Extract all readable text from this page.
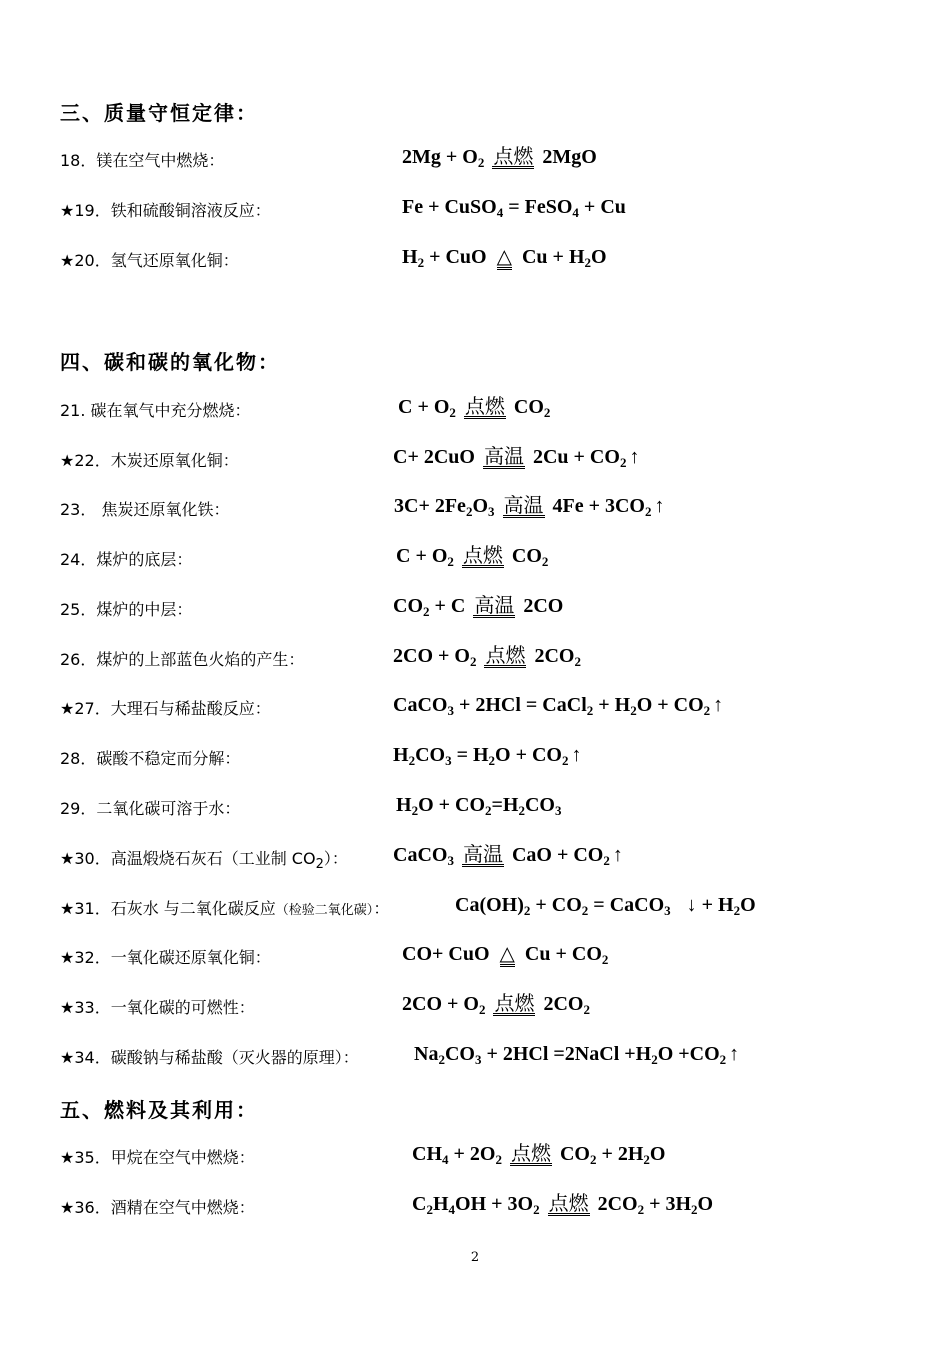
三、质量守恒定律：
18．镁在空气中燃烧：	$2Mg + O_2$ 点燃 2MgO
★19．铁和硫酸铜溶液反应：	Fe + CuSO$_4$ = FeSO$_4$ + Cu
★20．氢气还原氧化铜：	$H_2$ + CuO △ $Cu + H_2O$
四、碳和碳的氧化物：
21. 碳在氧气中充分燃烧：	$C + O_2$ 点燃 $CO_2$
★22．木炭还原氧化铜：	C+ 2CuO 高温 $2Cu + CO_2$ ↑
23． 焦炭还原氧化铁：	$3C+ 2Fe_2O_3$ 高温 $4Fe + 3CO_2$ ↑
24．煤炉的底层：	$C + O_2$ 点燃 $CO_2$
25．煤炉的中层：	$CO_2 + C$ 高温 2CO
26．煤炉的上部蓝色火焰的产生：	$2CO + O_2$ 点燃 $2CO_2$
★27．大理石与稀盐酸反应：	CaCO$_3$ + 2HCl = CaCl$_2$ + $H_2O + CO_2$ ↑
28．碳酸不稳定而分解：	$H_2CO_3 = H_2O + CO_2$ ↑
29．二氧化碳可溶于水：	$H_2O + CO_2=H_2CO_3$
★30．高温煅烧石灰石（工业制 $CO_2$）： CaCO$_3$ 高温 CaO + $CO_2$ ↑
★31．石灰水 与二氧化碳反应（检验二氧化碳）：	$Ca(OH)_2 + CO_2$ = CaCO$_3$ ↓ + $H_2O$
★32．一氧化碳还原氧化铜：	CO+ CuO △ $Cu + CO_2$
★33．一氧化碳的可燃性：	$2CO + O_2$ 点燃 $2CO_2$
★34．碳酸钠与稀盐酸（灭火器的原理）：	$Na_2CO_3 + 2HCl$ =2NaCl $+H_2O +CO_2$ ↑
五、燃料及其利用：
★35．甲烷在空气中燃烧：	$CH_4 + 2O_2$ 点燃 $CO_2 + 2H_2O$
★36．酒精在空气中燃烧：	$C_2H_4OH + 3O_2$ 点燃 $2CO_2 + 3H_2O$
2
